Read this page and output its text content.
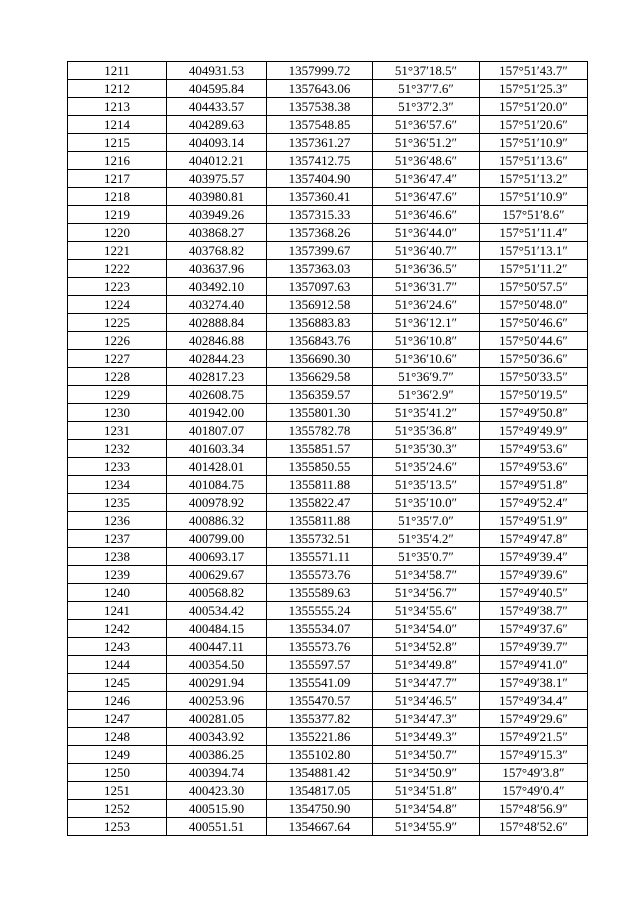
1211	404931.53	1357999.72	51°37′18.5″	157°51′43.7″
1212	404595.84	1357643.06	51°37′7.6″	157°51′25.3″
1213	404433.57	1357538.38	51°37′2.3″	157°51′20.0″
1214	404289.63	1357548.85	51°36′57.6″	157°51′20.6″
1215	404093.14	1357361.27	51°36′51.2″	157°51′10.9″
1216	404012.21	1357412.75	51°36′48.6″	157°51′13.6″
1217	403975.57	1357404.90	51°36′47.4″	157°51′13.2″
1218	403980.81	1357360.41	51°36′47.6″	157°51′10.9″
1219	403949.26	1357315.33	51°36′46.6″	157°51′8.6″
1220	403868.27	1357368.26	51°36′44.0″	157°51′11.4″
1221	403768.82	1357399.67	51°36′40.7″	157°51′13.1″
1222	403637.96	1357363.03	51°36′36.5″	157°51′11.2″
1223	403492.10	1357097.63	51°36′31.7″	157°50′57.5″
1224	403274.40	1356912.58	51°36′24.6″	157°50′48.0″
1225	402888.84	1356883.83	51°36′12.1″	157°50′46.6″
1226	402846.88	1356843.76	51°36′10.8″	157°50′44.6″
1227	402844.23	1356690.30	51°36′10.6″	157°50′36.6″
1228	402817.23	1356629.58	51°36′9.7″	157°50′33.5″
1229	402608.75	1356359.57	51°36′2.9″	157°50′19.5″
1230	401942.00	1355801.30	51°35′41.2″	157°49′50.8″
1231	401807.07	1355782.78	51°35′36.8″	157°49′49.9″
1232	401603.34	1355851.57	51°35′30.3″	157°49′53.6″
1233	401428.01	1355850.55	51°35′24.6″	157°49′53.6″
1234	401084.75	1355811.88	51°35′13.5″	157°49′51.8″
1235	400978.92	1355822.47	51°35′10.0″	157°49′52.4″
1236	400886.32	1355811.88	51°35′7.0″	157°49′51.9″
1237	400799.00	1355732.51	51°35′4.2″	157°49′47.8″
1238	400693.17	1355571.11	51°35′0.7″	157°49′39.4″
1239	400629.67	1355573.76	51°34′58.7″	157°49′39.6″
1240	400568.82	1355589.63	51°34′56.7″	157°49′40.5″
1241	400534.42	1355555.24	51°34′55.6″	157°49′38.7″
1242	400484.15	1355534.07	51°34′54.0″	157°49′37.6″
1243	400447.11	1355573.76	51°34′52.8″	157°49′39.7″
1244	400354.50	1355597.57	51°34′49.8″	157°49′41.0″
1245	400291.94	1355541.09	51°34′47.7″	157°49′38.1″
1246	400253.96	1355470.57	51°34′46.5″	157°49′34.4″
1247	400281.05	1355377.82	51°34′47.3″	157°49′29.6″
1248	400343.92	1355221.86	51°34′49.3″	157°49′21.5″
1249	400386.25	1355102.80	51°34′50.7″	157°49′15.3″
1250	400394.74	1354881.42	51°34′50.9″	157°49′3.8″
1251	400423.30	1354817.05	51°34′51.8″	157°49′0.4″
1252	400515.90	1354750.90	51°34′54.8″	157°48′56.9″
1253	400551.51	1354667.64	51°34′55.9″	157°48′52.6″
